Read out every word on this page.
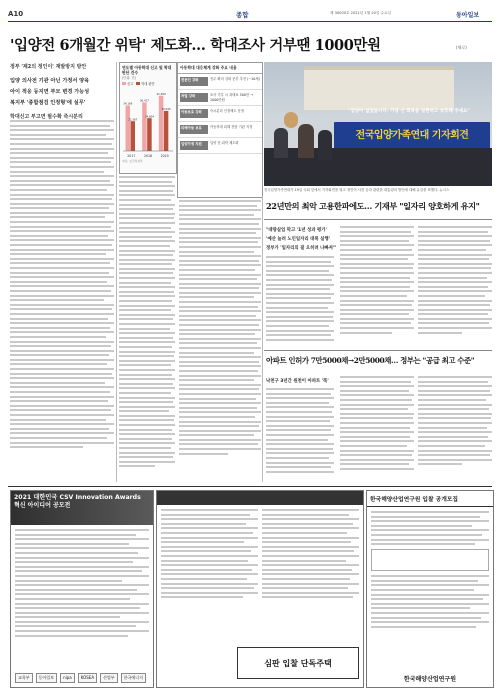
A10	종합	제 30000호 2021년 1월 20일 수요일	동아일보
'입양전 6개월간 위탁' 제도화… 학대조사 거부땐 1000만원	(채로)
정부 '제2의 정인이' 재발방지 방안
입양 의사전 기관 아닌 가정서 양육
아이 적응 등지면 부모 변경 가능성
복지부 '종합점검 인정형'에 실무'
학대신고 부고면 필수확 즉시분리
연도별 아동학대 신고 및 학대 판단 건수
(단위: 건)
신고	학대 판단
34,169
22,367
2017
36,417
24,604
2018
41,389
30,045
2019
자료: 보건복지부
아동학대 대응체계 강화 주요 내용
전문인 강화	선무·확의 강화 문부 추진 (~10세)
처벌 강화	조사 거부 시 과태료 500만 → 1000만원
아동보호 강화	즉시분리 인정제도 운영
피해아동 보호	아동학대 피해 전담 기관 지정
입양가정 지원	입양 전 위탁 제도화
"입양이 없었습니다. 가장 선 회복을 실현하고 보호해 주세요"
전국입양가족연대 기자회견
전국입양가족연대가 19일 국회 앞에서 기자회견을 열고 정인이 사건 등과 관련한 대통령의 발언에 대해 유감을 표했다. 뉴시스
22년만의 최악 고용한파에도… 기재부 "일자리 양호하게 유지"
"대량실업 막고 '1년 성과 평가'
'예산 늘려 노인일자리 대폭 실행'
정부가 '일자리의 질 오히려 나빠져'"
아파트 인허가 7만5000채→2만5000채… 정부는 "공급 최고 수준"
낙천구 3년간 원천이 아파트 '뚝'
2021 대한민국 CSV Innovation Awards
혁신 아이디어 공모전
교육부	동아일보	nipa	KOSEA	산업부	한국에너지
심판 입찰 단독주택
한국해양산업연구원 입찰 공개모집
한국해양산업연구원
